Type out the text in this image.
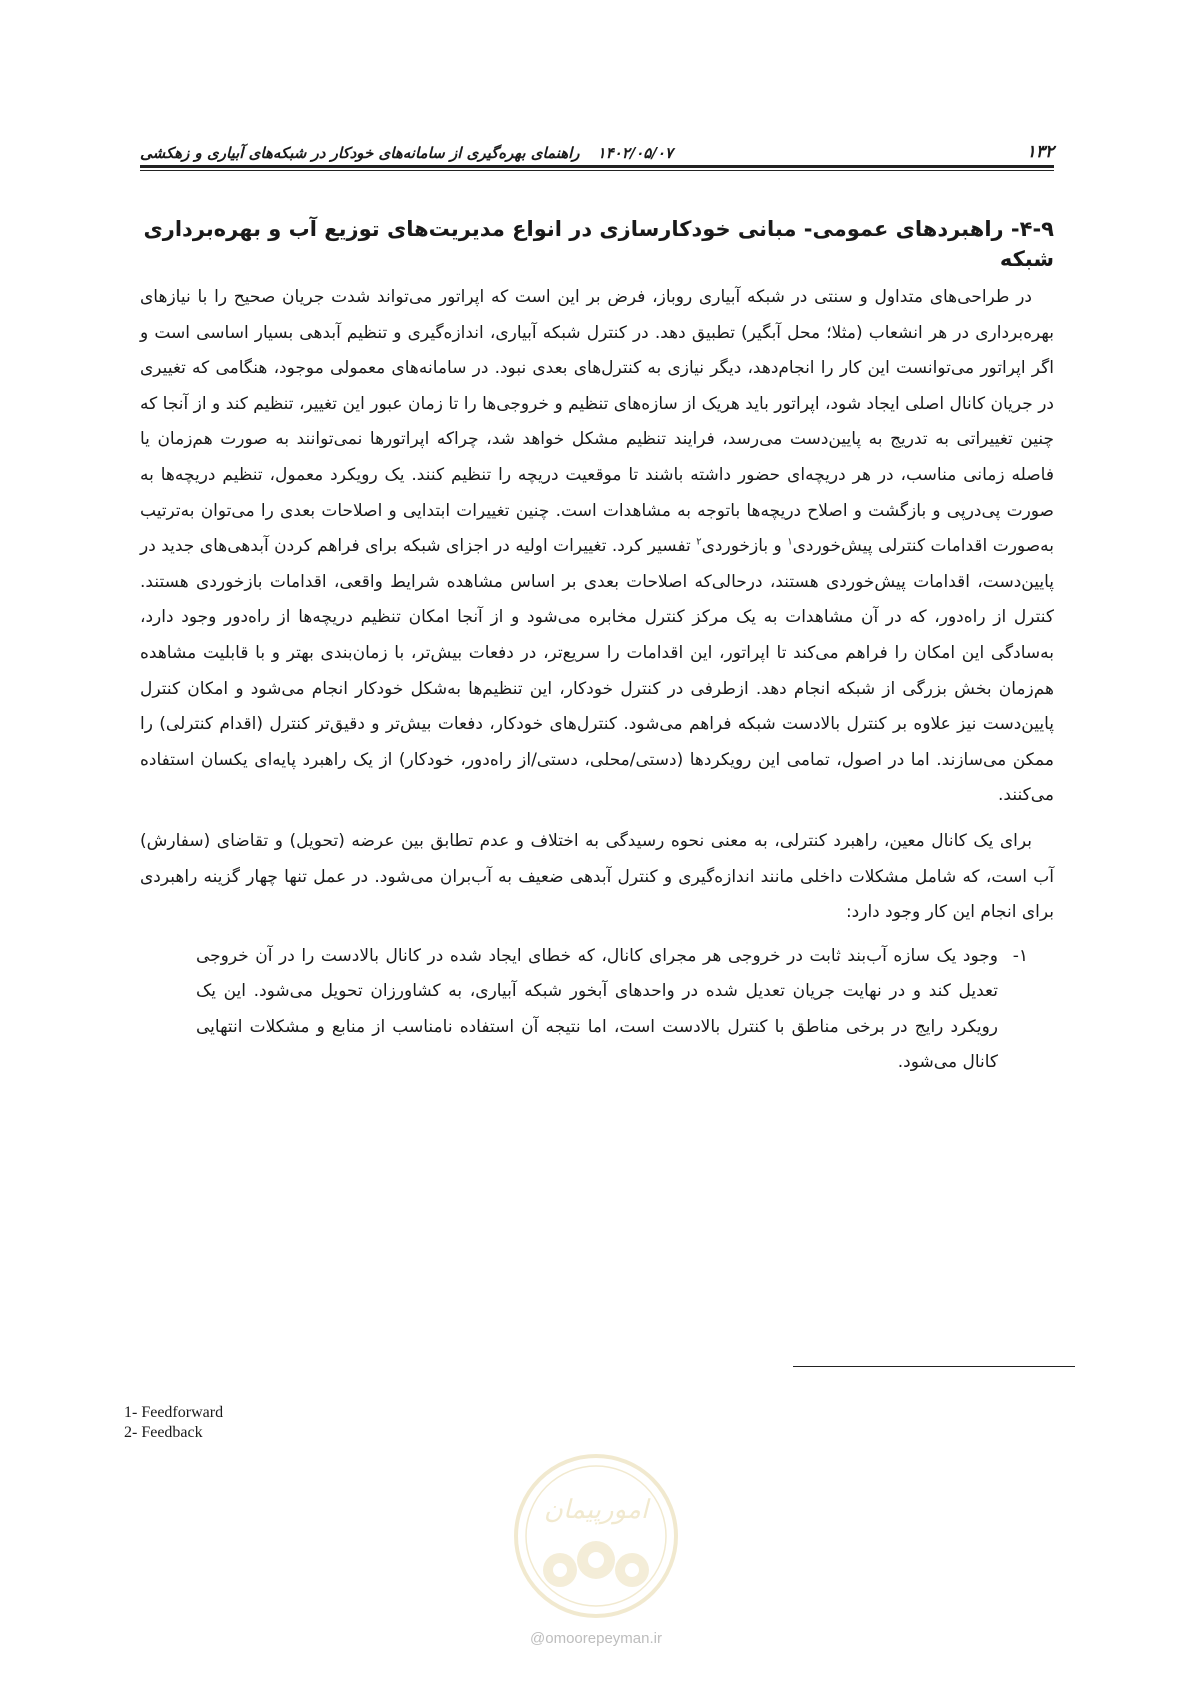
۱۳۲
۱۴۰۲/۰۵/۰۷
راهنمای بهره‌گیری از سامانه‌های خودکار در شبکه‌های آبیاری و زهکشی
۴-۹- راهبردهای عمومی- مبانی خودکارسازی در انواع مدیریت‌های توزیع آب و بهره‌برداری شبکه

در طراحی‌های متداول و سنتی در شبکه آبیاری روباز، فرض بر این است که اپراتور می‌تواند شدت جریان صحیح را با نیازهای بهره‌برداری در هر انشعاب (مثلا؛ محل آبگیر) تطبیق دهد. در کنترل شبکه آبیاری، اندازه‌گیری و تنظیم آبدهی بسیار اساسی است و اگر اپراتور می‌توانست این کار را انجام‌دهد، دیگر نیازی به کنترل‌های بعدی نبود. در سامانه‌های معمولی موجود، هنگامی که تغییری در جریان کانال اصلی ایجاد شود، اپراتور باید هریک از سازه‌های تنظیم و خروجی‌ها را تا زمان عبور این تغییر، تنظیم کند و از آنجا که چنین تغییراتی به تدریج به پایین‌دست می‌رسد، فرایند تنظیم مشکل خواهد شد، چراکه اپراتورها نمی‌توانند به صورت هم‌زمان یا فاصله زمانی مناسب، در هر دریچه‌ای حضور داشته باشند تا موقعیت دریچه را تنظیم کنند. یک رویکرد معمول، تنظیم دریچه‌ها به صورت پی‌درپی و بازگشت و اصلاح دریچه‌ها باتوجه به مشاهدات است. چنین تغییرات ابتدایی و اصلاحات بعدی را می‌توان به‌ترتیب به‌صورت اقدامات کنترلی پیش‌خوردی$^۱$ و بازخوردی$^۲$ تفسیر کرد. تغییرات اولیه در اجزای شبکه برای فراهم کردن آبدهی‌های جدید در پایین‌دست، اقدامات پیش‌خوردی هستند، درحالی‌که اصلاحات بعدی بر اساس مشاهده شرایط واقعی، اقدامات بازخوردی هستند. کنترل از راه‌دور، که در آن مشاهدات به یک مرکز کنترل مخابره می‌شود و از آنجا امکان تنظیم دریچه‌ها از راه‌دور وجود دارد، به‌سادگی این امکان را فراهم می‌کند تا اپراتور، این اقدامات را سریع‌تر، در دفعات بیش‌تر، با زمان‌بندی بهتر و با قابلیت مشاهده هم‌زمان بخش بزرگی از شبکه انجام دهد. ازطرفی در کنترل خودکار، این تنظیم‌ها به‌شکل خودکار انجام می‌شود و امکان کنترل پایین‌دست نیز علاوه بر کنترل بالادست شبکه فراهم می‌شود. کنترل‌های خودکار، دفعات بیش‌تر و دقیق‌تر کنترل (اقدام کنترلی) را ممکن می‌سازند. اما در اصول، تمامی این رویکردها (دستی/محلی، دستی/از راه‌دور، خودکار) از یک راهبرد پایه‌ای یکسان استفاده می‌کنند.

برای یک کانال معین، راهبرد کنترلی، به معنی نحوه رسیدگی به اختلاف و عدم تطابق بین عرضه (تحویل) و تقاضای (سفارش) آب است، که شامل مشکلات داخلی مانند اندازه‌گیری و کنترل آبدهی ضعیف به آب‌بران می‌شود. در عمل تنها چهار گزینه راهبردی برای انجام این کار وجود دارد:

۱-
وجود یک سازه آب‌بند ثابت در خروجی هر مجرای کانال، که خطای ایجاد شده در کانال بالادست را در آن خروجی تعدیل کند و در نهایت جریان تعدیل شده در واحدهای آبخور شبکه آبیاری، به کشاورزان تحویل می‌شود. این یک رویکرد رایج در برخی مناطق با کنترل بالادست است، اما نتیجه آن استفاده نامناسب از منابع و مشکلات انتهایی کانال می‌شود.
1- Feedforward
2- Feedback
امورپیمان
@omoorepeyman.ir
